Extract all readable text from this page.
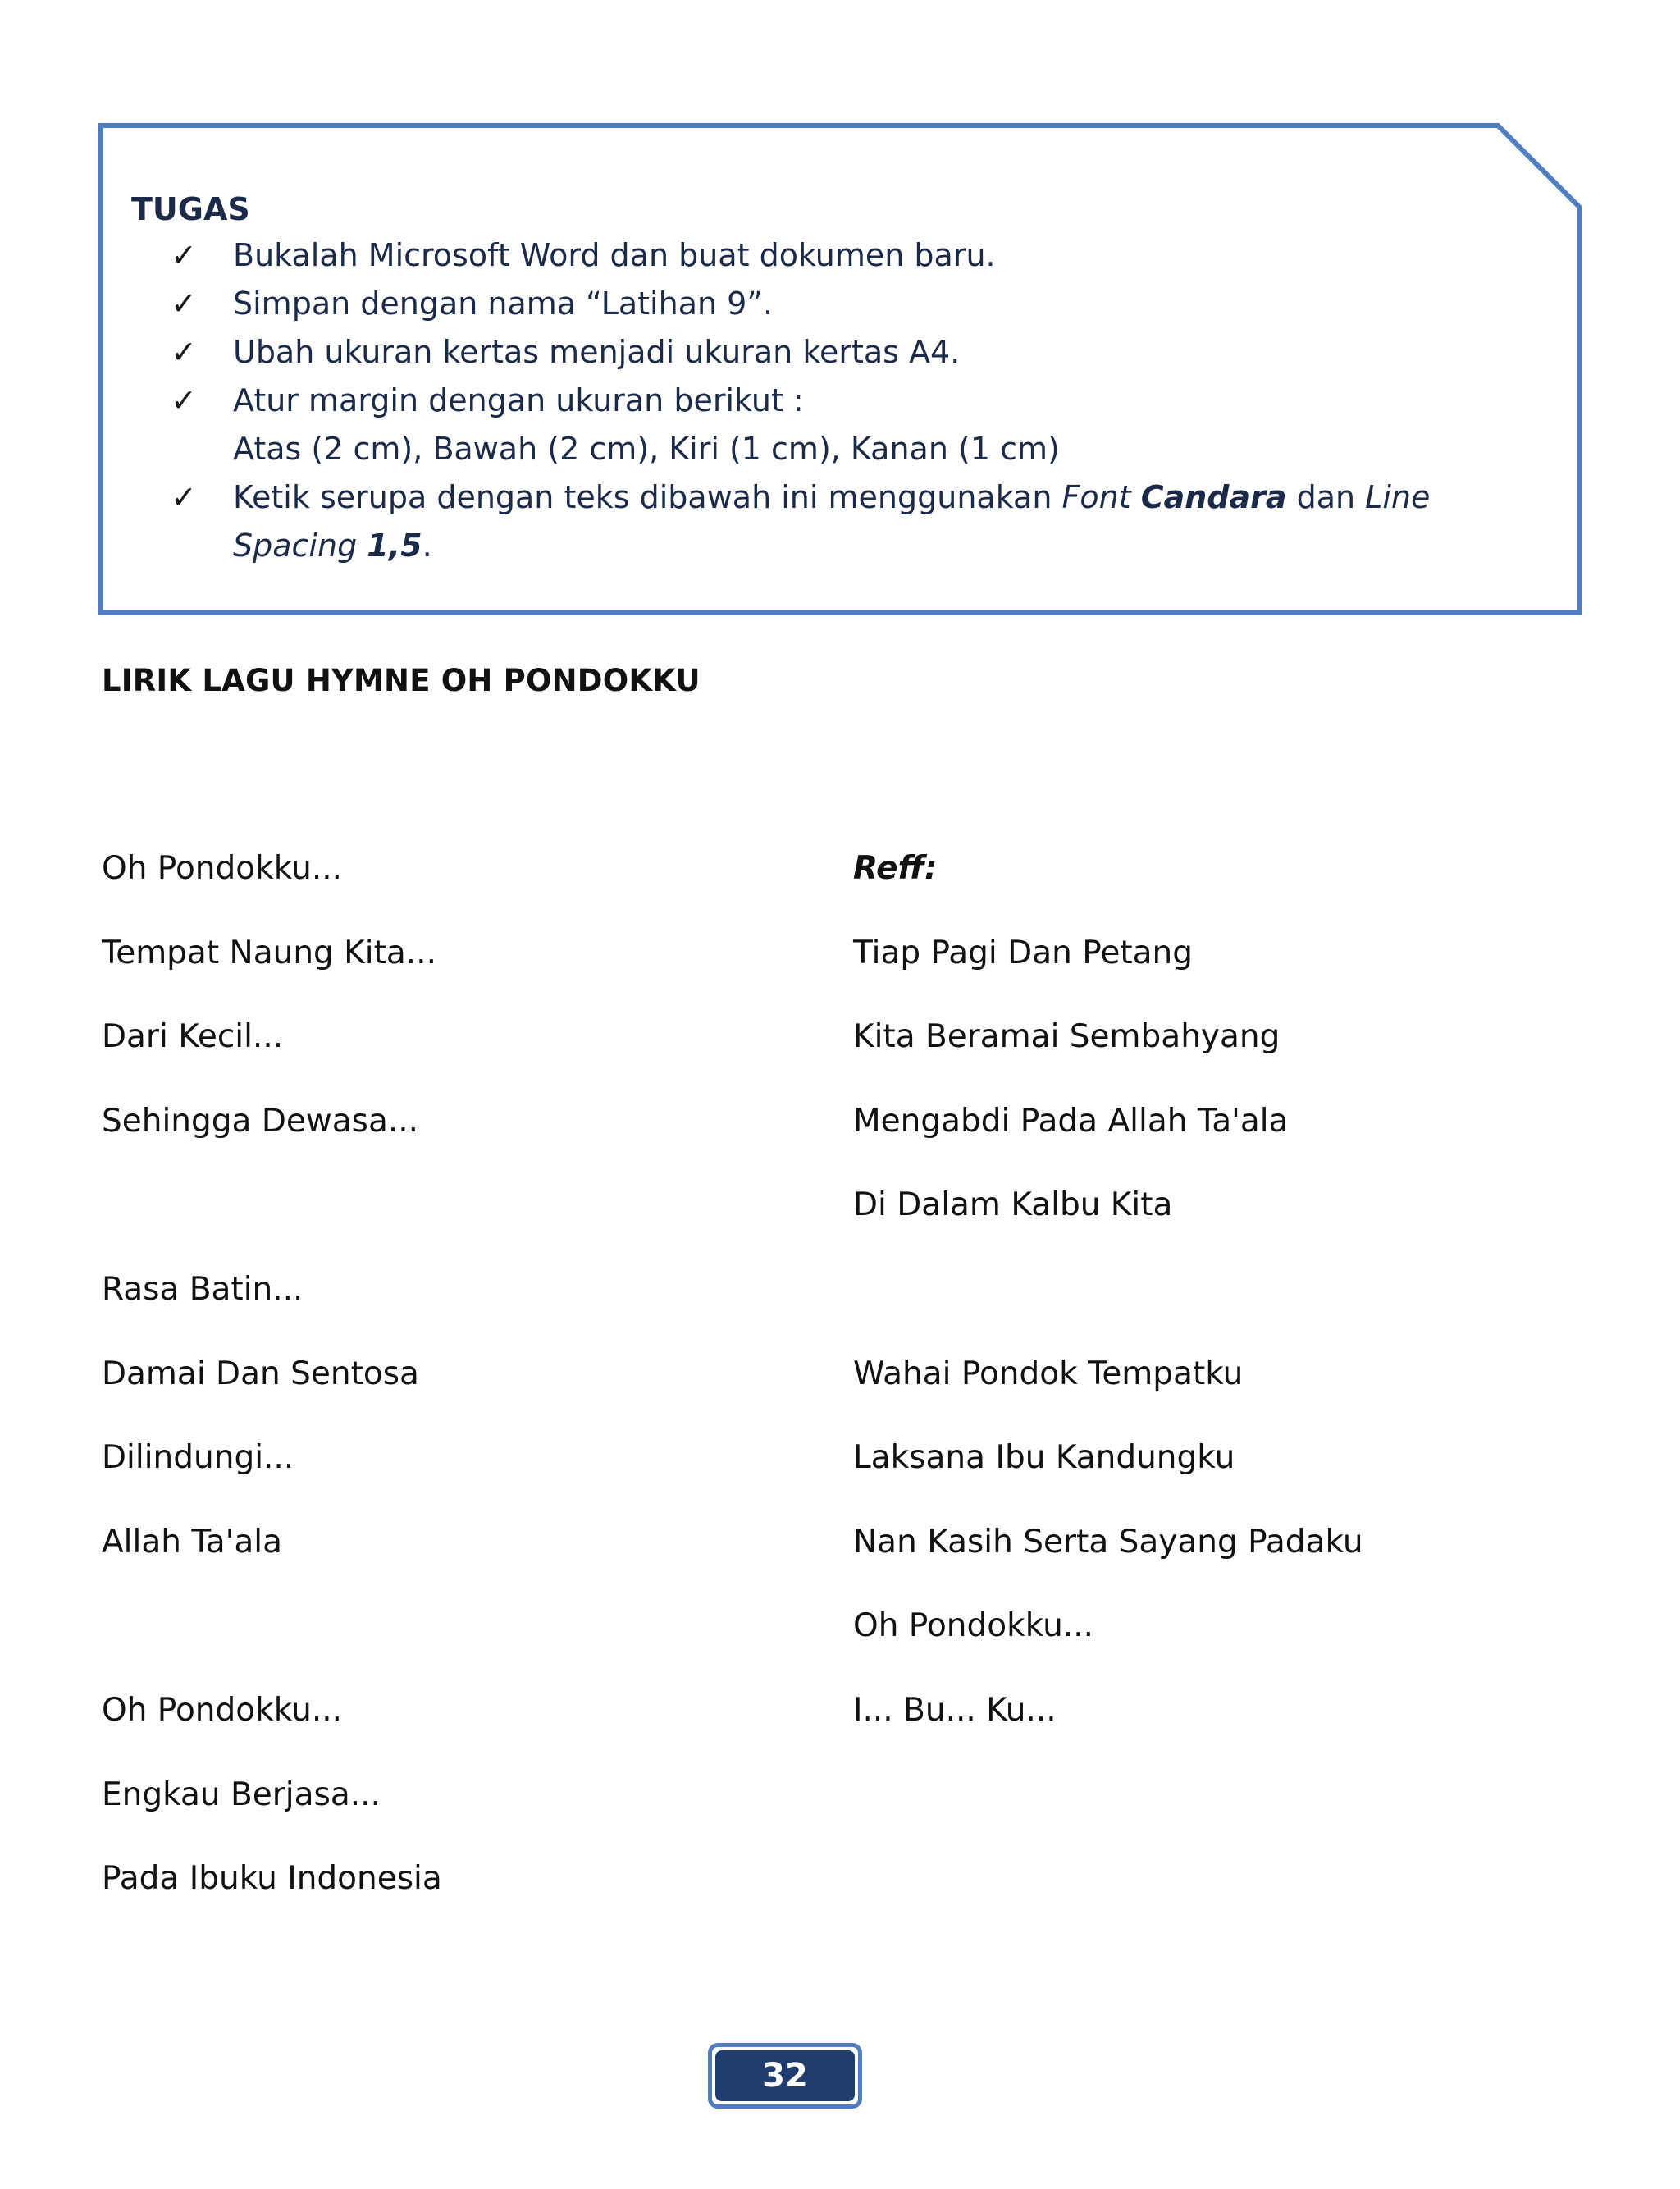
TUGAS
✓ Bukalah Microsoft Word dan buat dokumen baru.
✓ Simpan dengan nama “Latihan 9”.
✓ Ubah ukuran kertas menjadi ukuran kertas A4.
✓ Atur margin dengan ukuran berikut :
Atas (2 cm), Bawah (2 cm), Kiri (1 cm), Kanan (1 cm)
✓ Ketik serupa dengan teks dibawah ini menggunakan Font Candara dan Line
Spacing 1,5.
LIRIK LAGU HYMNE OH PONDOKKU
Oh Pondokku...
Tempat Naung Kita...
Dari Kecil...
Sehingga Dewasa...
Rasa Batin...
Damai Dan Sentosa
Dilindungi...
Allah Ta'ala
Oh Pondokku...
Engkau Berjasa...
Pada Ibuku Indonesia
Reff:
Tiap Pagi Dan Petang
Kita Beramai Sembahyang
Mengabdi Pada Allah Ta'ala
Di Dalam Kalbu Kita
Wahai Pondok Tempatku
Laksana Ibu Kandungku
Nan Kasih Serta Sayang Padaku
Oh Pondokku...
I... Bu... Ku...
32
